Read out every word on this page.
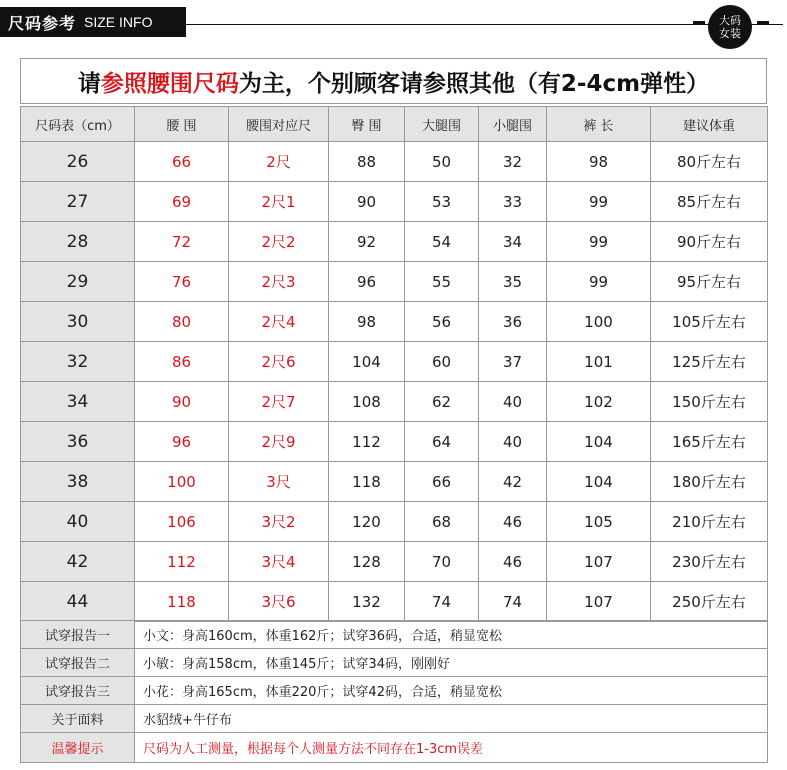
尺码参考 SIZE INFO	大码
女装
请 参照腰围尺码 为主，个别顾客请参照其他（有2-4cm弹性）
尺码表（cm）	腰 围	腰围对应尺	臀 围	大腿围	小腿围	裤 长	建议体重
26	66	2尺	88	50	32	98	80斤左右
27	69	2尺1	90	53	33	99	85斤左右
28	72	2尺2	92	54	34	99	90斤左右
29	76	2尺3	96	55	35	99	95斤左右
30	80	2尺4	98	56	36	100	105斤左右
32	86	2尺6	104	60	37	101	125斤左右
34	90	2尺7	108	62	40	102	150斤左右
36	96	2尺9	112	64	40	104	165斤左右
38	100	3尺	118	66	42	104	180斤左右
40	106	3尺2	120	68	46	105	210斤左右
42	112	3尺4	128	70	46	107	230斤左右
44	118	3尺6	132	74	74	107	250斤左右
试穿报告一	小文：身高160cm，体重162斤；试穿36码，合适，稍显宽松
试穿报告二	小敏：身高158cm，体重145斤；试穿34码，刚刚好
试穿报告三	小花：身高165cm，体重220斤；试穿42码，合适，稍显宽松
关于面料	水貂绒+牛仔布
温馨提示	尺码为人工测量，根据每个人测量方法不同存在1-3cm误差
